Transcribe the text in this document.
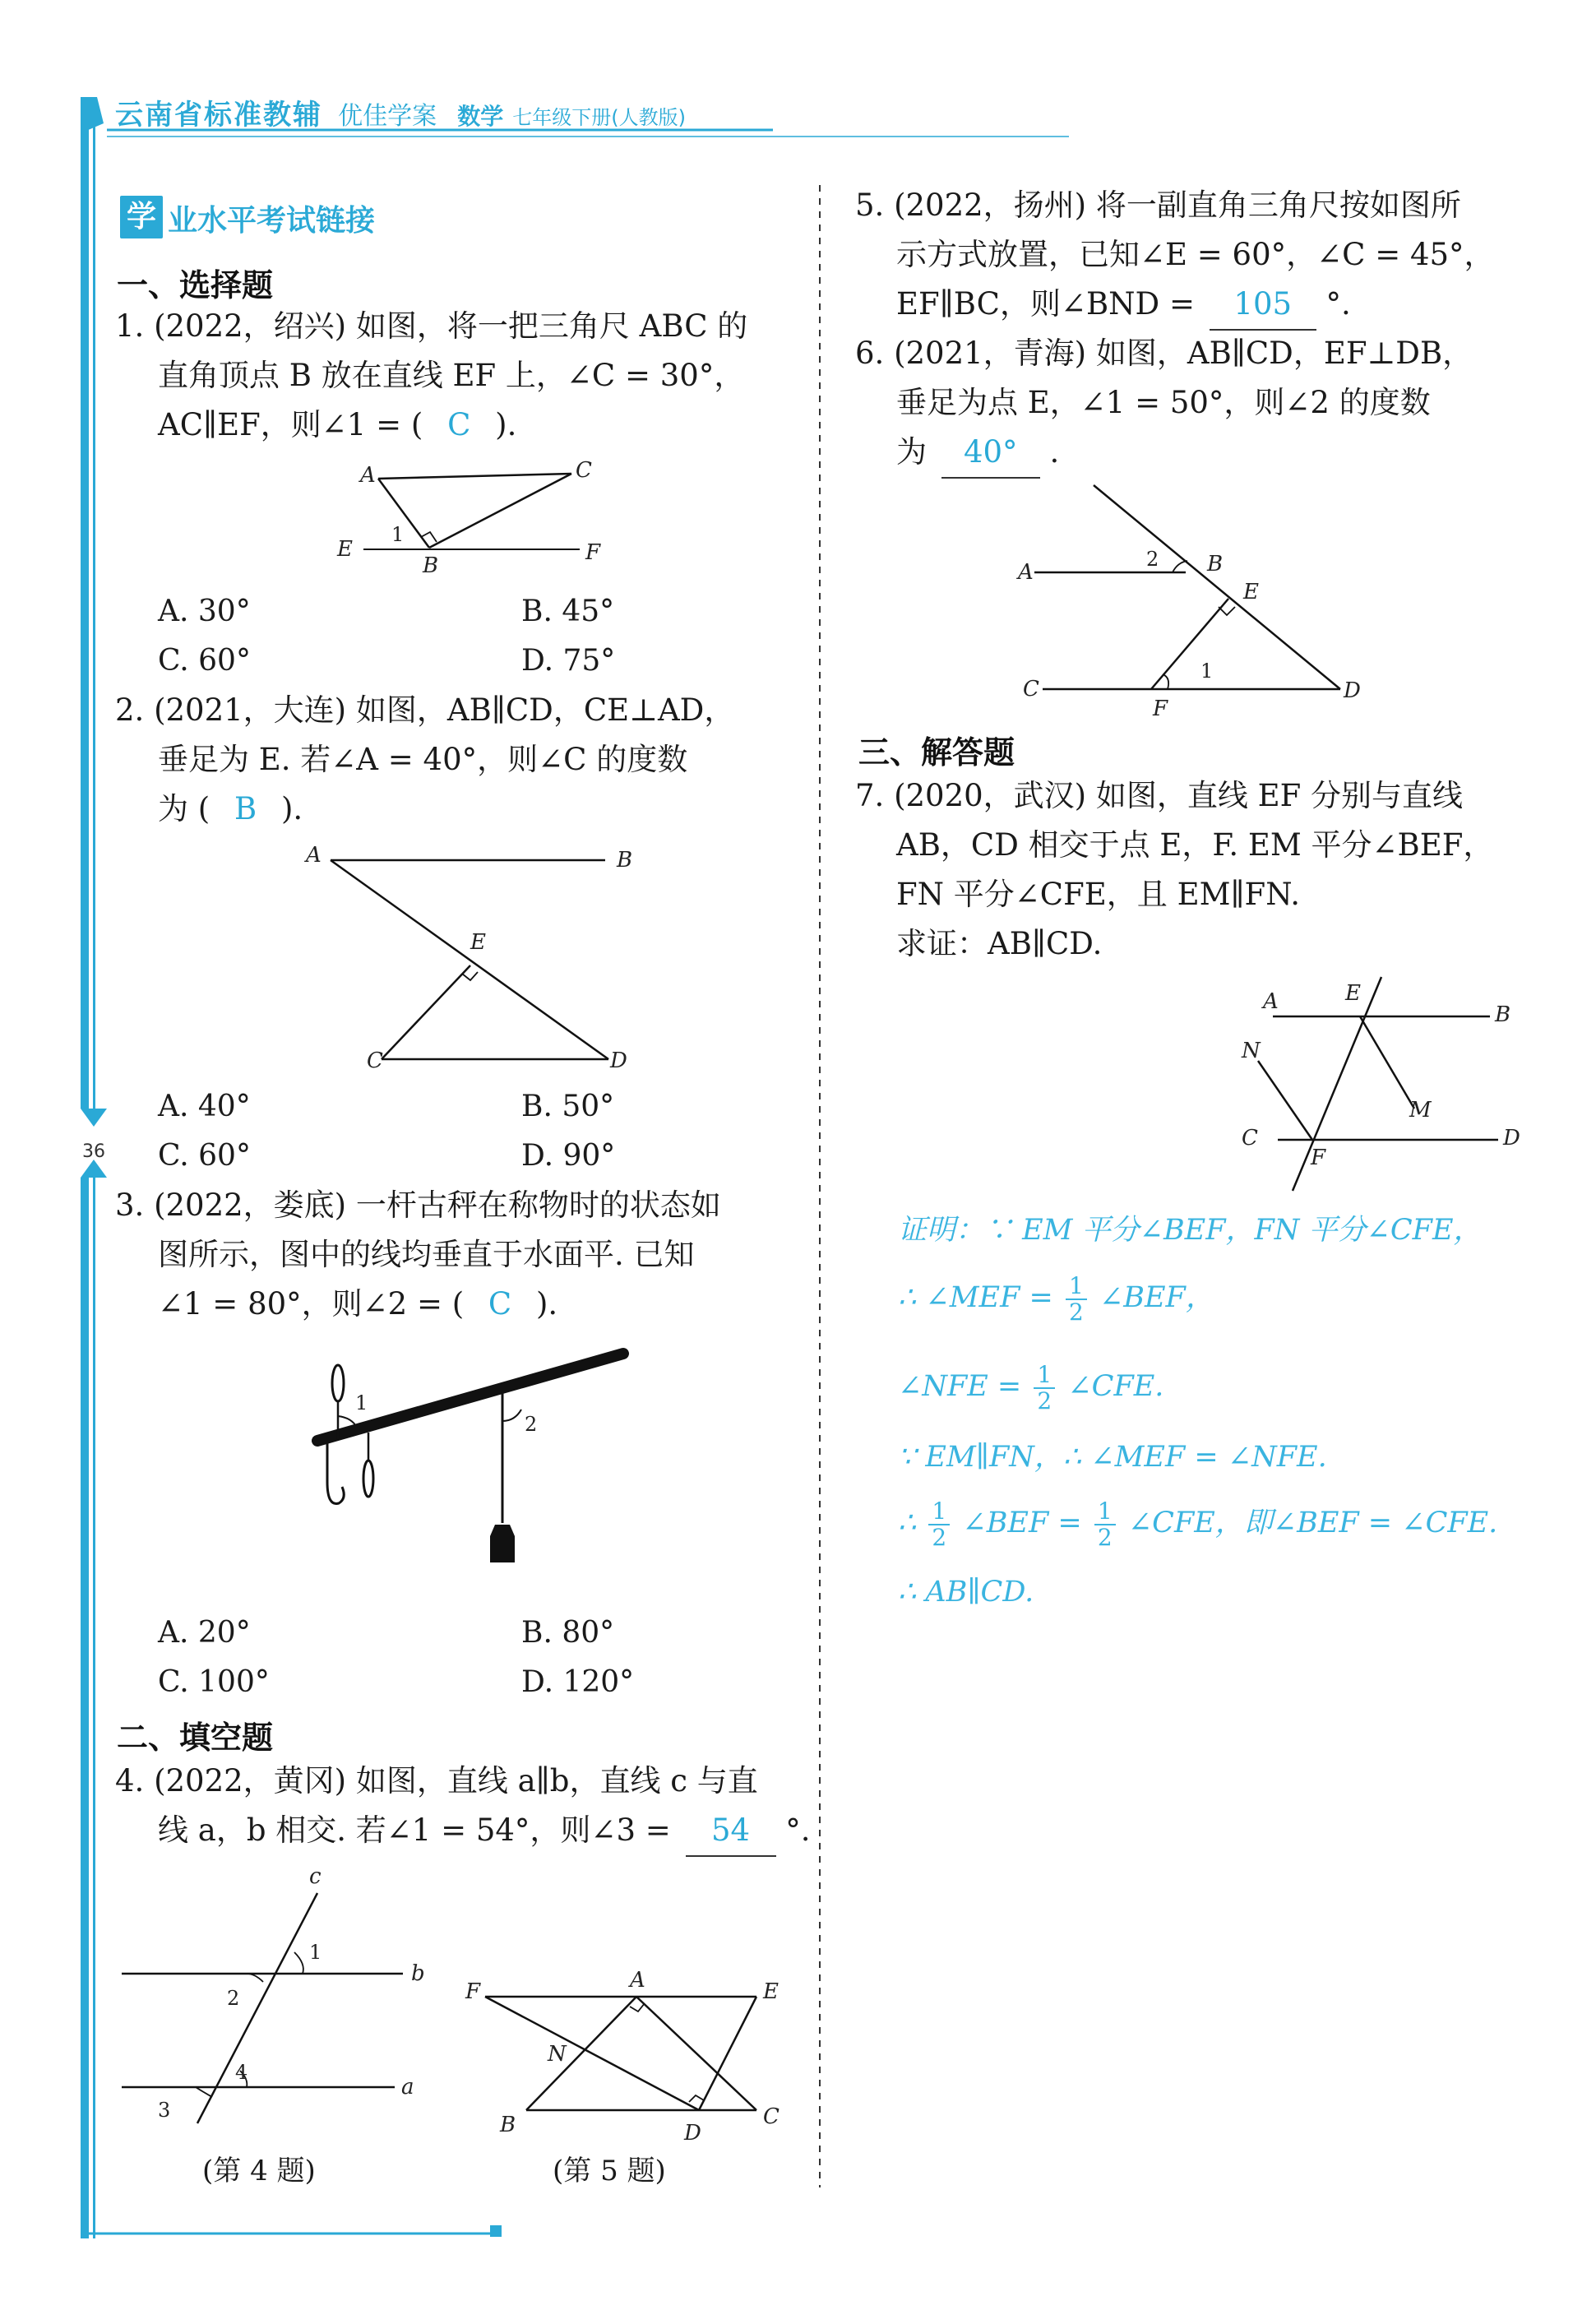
云南省标准教辅 优佳学案 数学 七年级下册(人教版)
36
学 业水平考试链接
一、选择题
1. (2022，绍兴) 如图，将一把三角尺 ABC 的
直角顶点 B 放在直线 EF 上，∠C = 30°，
AC∥EF，则∠1 = ( C ).
A	C
E
B
F
1
A. 30°	B. 45°
C. 60°	D. 75°
2. (2021，大连) 如图，AB∥CD，CE⊥AD，
垂足为 E. 若∠A = 40°，则∠C 的度数
为 ( B ).
A	B
E
C	D
A. 40°	B. 50°
C. 60°	D. 90°
3. (2022，娄底) 一杆古秤在称物时的状态如
图所示，图中的线均垂直于水面平. 已知
∠1 = 80°，则∠2 = ( C ).
1
2
A. 20°	B. 80°
C. 100°	D. 120°
二、填空题
4. (2022，黄冈) 如图，直线 a∥b，直线 c 与直
线 a，b 相交. 若∠1 = 54°，则∠3 = 54 °.
c
1
b
2
4
a
3
(第 4 题)
F	A	E
N
B	D
C
(第 5 题)
5. (2022，扬州) 将一副直角三角尺按如图所
示方式放置，已知∠E = 60°，∠C = 45°，
EF∥BC，则∠BND = 105 °.
6. (2021，青海) 如图，AB∥CD，EF⊥DB，
垂足为点 E，∠1 = 50°，则∠2 的度数
为 40° .
A
2 B
E
C
F
1
D
三、解答题
7. (2020，武汉) 如图，直线 EF 分别与直线
AB，CD 相交于点 E，F. EM 平分∠BEF，
FN 平分∠CFE，且 EM∥FN.
求证：AB∥CD.
A	E
B
N
M
C
F
D
证明：∵ EM 平分∠BEF，FN 平分∠CFE，
∴ ∠MEF = $\frac{1}{2}$ ∠BEF，
∠NFE = $\frac{1}{2}$ ∠CFE.
∵ EM∥FN，∴ ∠MEF = ∠NFE.
∴ $\frac{1}{2}$ ∠BEF = $\frac{1}{2}$ ∠CFE，即∠BEF = ∠CFE.
∴ AB∥CD.
